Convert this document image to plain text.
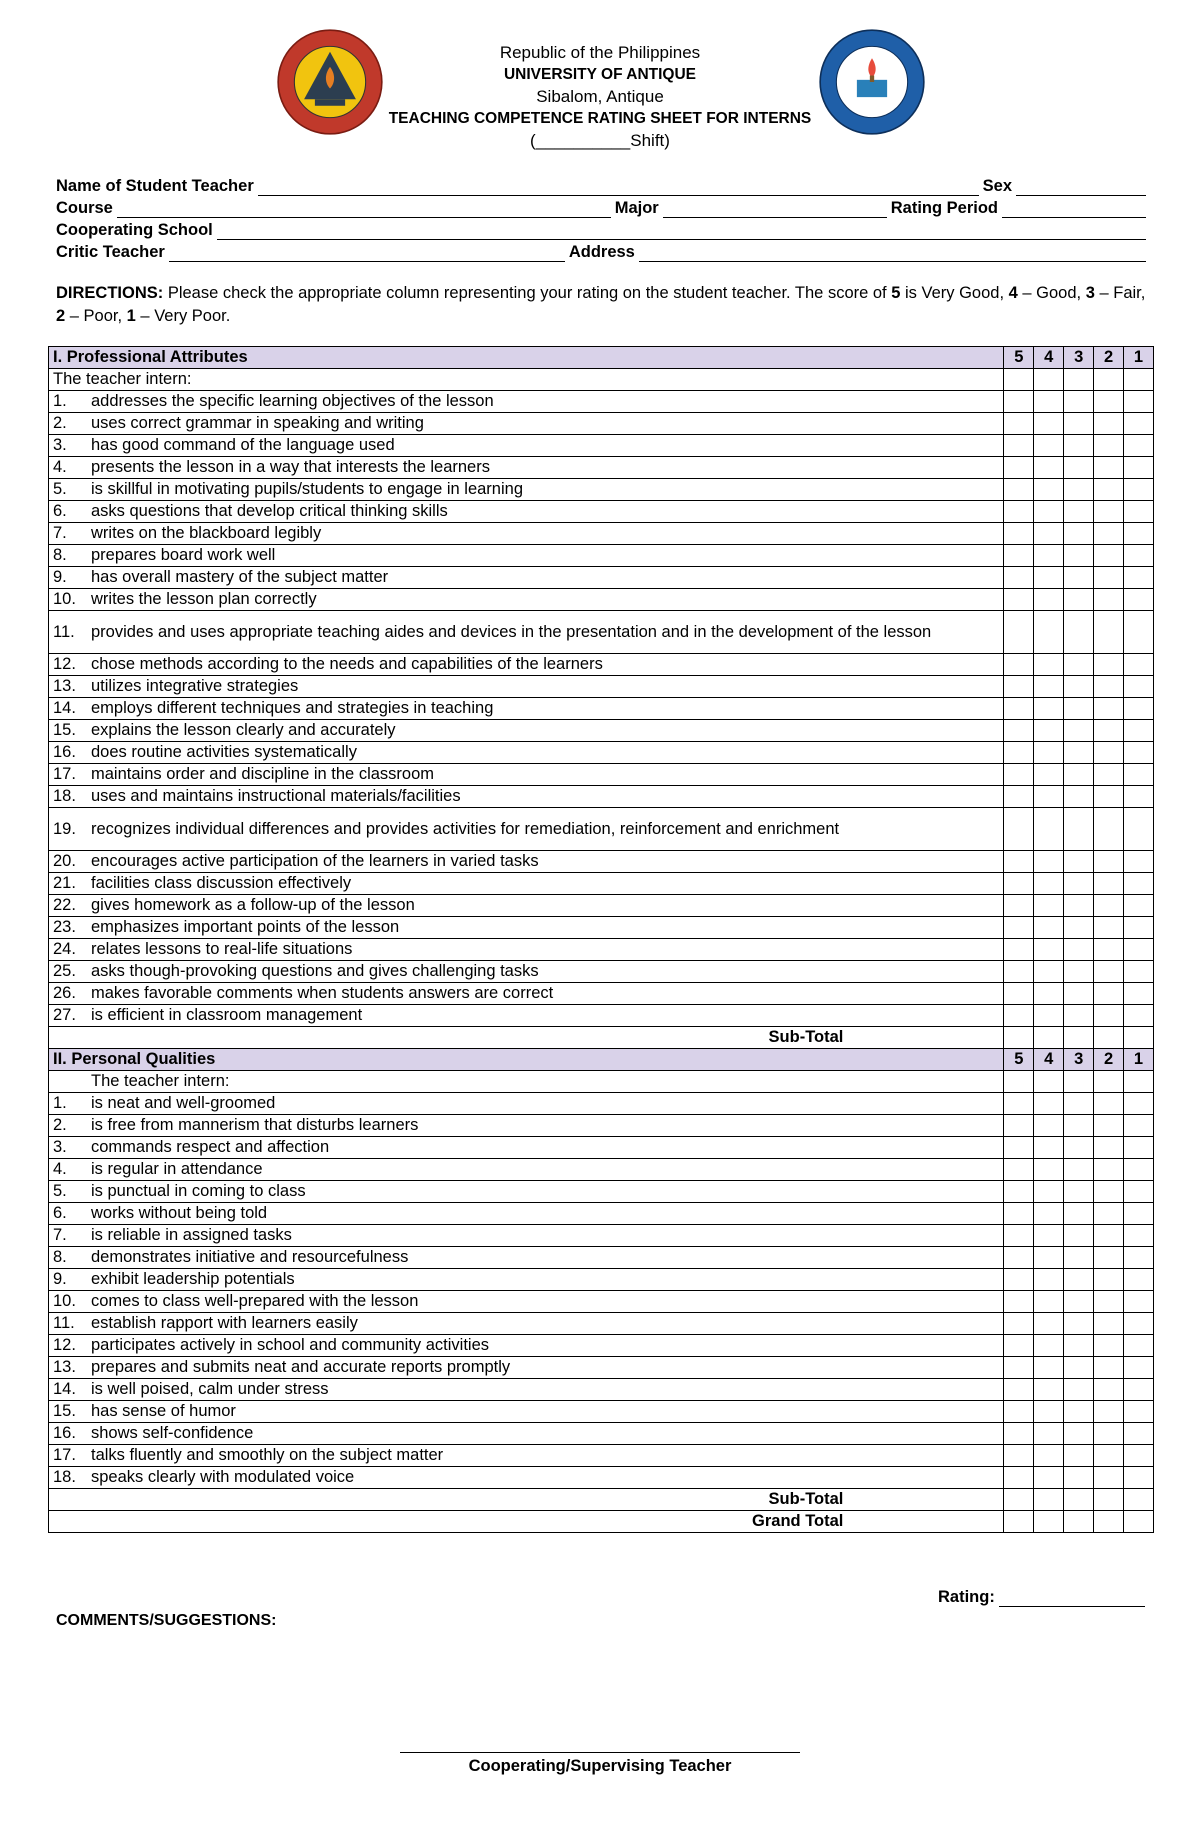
Republic of the Philippines
UNIVERSITY OF ANTIQUE
Sibalom, Antique
TEACHING COMPETENCE RATING SHEET FOR INTERNS
(__________Shift)
Name of Student Teacher	Sex
Course	Major	Rating Period
Cooperating School
Critic Teacher	Address
DIRECTIONS: Please check the appropriate column representing your rating on the student teacher. The score of 5 is Very Good, 4 – Good, 3 – Fair, 2 – Poor, 1 – Very Poor.
I. Professional Attributes	5	4	3	2	1
The teacher intern:					

1. addresses the specific learning objectives of the lesson					

2. uses correct grammar in speaking and writing					

3. has good command of the language used					

4. presents the lesson in a way that interests the learners					

5. is skillful in motivating pupils/students to engage in learning					

6. asks questions that develop critical thinking skills					

7. writes on the blackboard legibly					

8. prepares board work well					

9. has overall mastery of the subject matter					

10. writes the lesson plan correctly					

11. provides and uses appropriate teaching aides and devices in the presentation and in the development of the lesson					

12. chose methods according to the needs and capabilities of the learners					

13. utilizes integrative strategies					

14. employs different techniques and strategies in teaching					

15. explains the lesson clearly and accurately					

16. does routine activities systematically					

17. maintains order and discipline in the classroom					

18. uses and maintains instructional materials/facilities					

19. recognizes individual differences and provides activities for remediation, reinforcement and enrichment					

20. encourages active participation of the learners in varied tasks					

21. facilities class discussion effectively					

22. gives homework as a follow-up of the lesson					

23. emphasizes important points of the lesson					

24. relates lessons to real-life situations					

25. asks though-provoking questions and gives challenging tasks					

26. makes favorable comments when students answers are correct					

27. is efficient in classroom management					

Sub-Total					
II. Personal Qualities	5	4	3	2	1
The teacher intern:					

1. is neat and well-groomed					

2. is free from mannerism that disturbs learners					

3. commands respect and affection					

4. is regular in attendance					

5. is punctual in coming to class					

6. works without being told					

7. is reliable in assigned tasks					

8. demonstrates initiative and resourcefulness					

9. exhibit leadership potentials					

10. comes to class well-prepared with the lesson					

11. establish rapport with learners easily					

12. participates actively in school and community activities					

13. prepares and submits neat and accurate reports promptly					

14. is well poised, calm under stress					

15. has sense of humor					

16. shows self-confidence					

17. talks fluently and smoothly on the subject matter					

18. speaks clearly with modulated voice					

Sub-Total					
Grand Total					
Rating:
COMMENTS/SUGGESTIONS:
Cooperating/Supervising Teacher
